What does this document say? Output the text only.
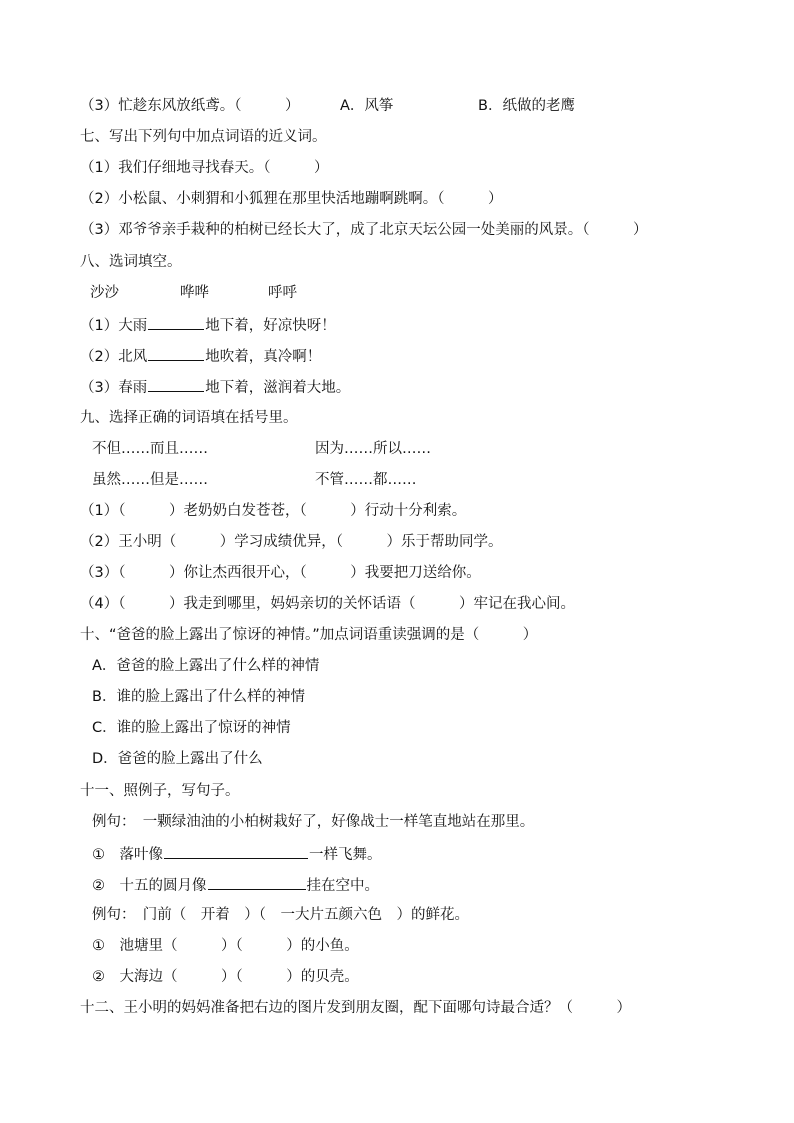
（3）忙趁东风放纸鸢。（　　　）	A．风筝	B．纸做的老鹰
七、写出下列句中加点词语的近义词。
（1）我们仔细地寻找春天。（　　　）
（2）小松鼠、小刺猬和小狐狸在那里快活地蹦啊跳啊。（　　　）
（3）邓爷爷亲手栽种的柏树已经长大了，成了北京天坛公园一处美丽的风景。（　　　）
八、选词填空。
沙沙	哗哗	呼呼
（1）大雨	地下着，好凉快呀！
（2）北风	地吹着，真冷啊！
（3）春雨	地下着，滋润着大地。
九、选择正确的词语填在括号里。
不但……而且……	因为……所以……
虽然……但是……	不管……都……
（1）（　　　）老奶奶白发苍苍，（　　　）行动十分利索。
（2）王小明（　　　）学习成绩优异，（　　　）乐于帮助同学。
（3）（　　　）你让杰西很开心，（　　　）我要把刀送给你。
（4）（　　　）我走到哪里，妈妈亲切的关怀话语（　　　）牢记在我心间。
十、“爸爸的脸上露出了惊讶的神情。”加点词语重读强调的是（　　　）
A．爸爸的脸上露出了什么样的神情
B．谁的脸上露出了什么样的神情
C．谁的脸上露出了惊讶的神情
D．爸爸的脸上露出了什么
十一、照例子，写句子。
例句：　一颗绿油油的小柏树栽好了，好像战士一样笔直地站在那里。
①　落叶像	一样飞舞。
②　十五的圆月像	挂在空中。
例句：　门前（　开着　）（　一大片五颜六色　）的鲜花。
①　池塘里（　　　）（　　　）的小鱼。
②　大海边（　　　）（　　　）的贝壳。
十二、王小明的妈妈准备把右边的图片发到朋友圈，配下面哪句诗最合适？（　　　）
